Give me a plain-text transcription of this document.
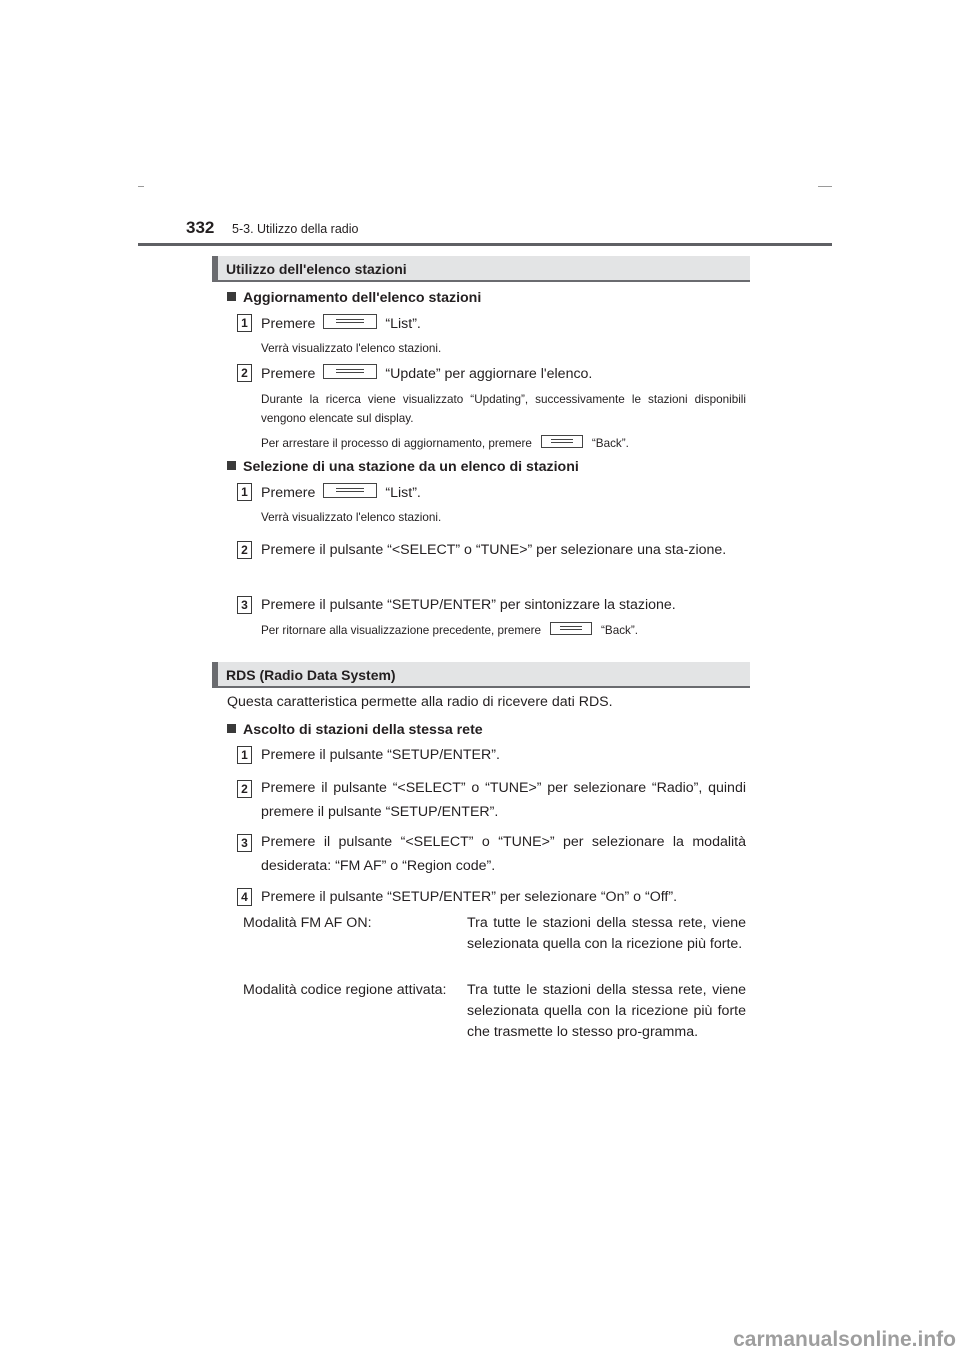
332 5-3. Utilizzo della radio
Utilizzo dell'elenco stazioni
Aggiornamento dell'elenco stazioni
1 Premere	“List”.
Verrà visualizzato l'elenco stazioni.
2 Premere	“Update” per aggiornare l'elenco.
Durante la ricerca viene visualizzato “Updating”, successivamente le stazioni disponibili vengono elencate sul display.
Per arrestare il processo di aggiornamento, premere	“Back”.
Selezione di una stazione da un elenco di stazioni
1 Premere	“List”.
Verrà visualizzato l'elenco stazioni.
2 Premere il pulsante “<SELECT” o “TUNE>” per selezionare una sta-zione.
3 Premere il pulsante “SETUP/ENTER” per sintonizzare la stazione.
Per ritornare alla visualizzazione precedente, premere	“Back”.
RDS (Radio Data System)
Questa caratteristica permette alla radio di ricevere dati RDS.
Ascolto di stazioni della stessa rete
1 Premere il pulsante “SETUP/ENTER”.
2 Premere il pulsante “<SELECT” o “TUNE>” per selezionare “Radio”, quindi premere il pulsante “SETUP/ENTER”.
3 Premere il pulsante “<SELECT” o “TUNE>” per selezionare la modalità desiderata: “FM AF” o “Region code”.
4 Premere il pulsante “SETUP/ENTER” per selezionare “On” o “Off”.
Modalità FM AF ON:	Tra tutte le stazioni della stessa rete, viene selezionata quella con la ricezione più forte.
Modalità codice regione attivata: Tra tutte le stazioni della stessa rete, viene selezionata quella con la ricezione più forte che trasmette lo stesso pro-gramma.
carmanualsonline.info
